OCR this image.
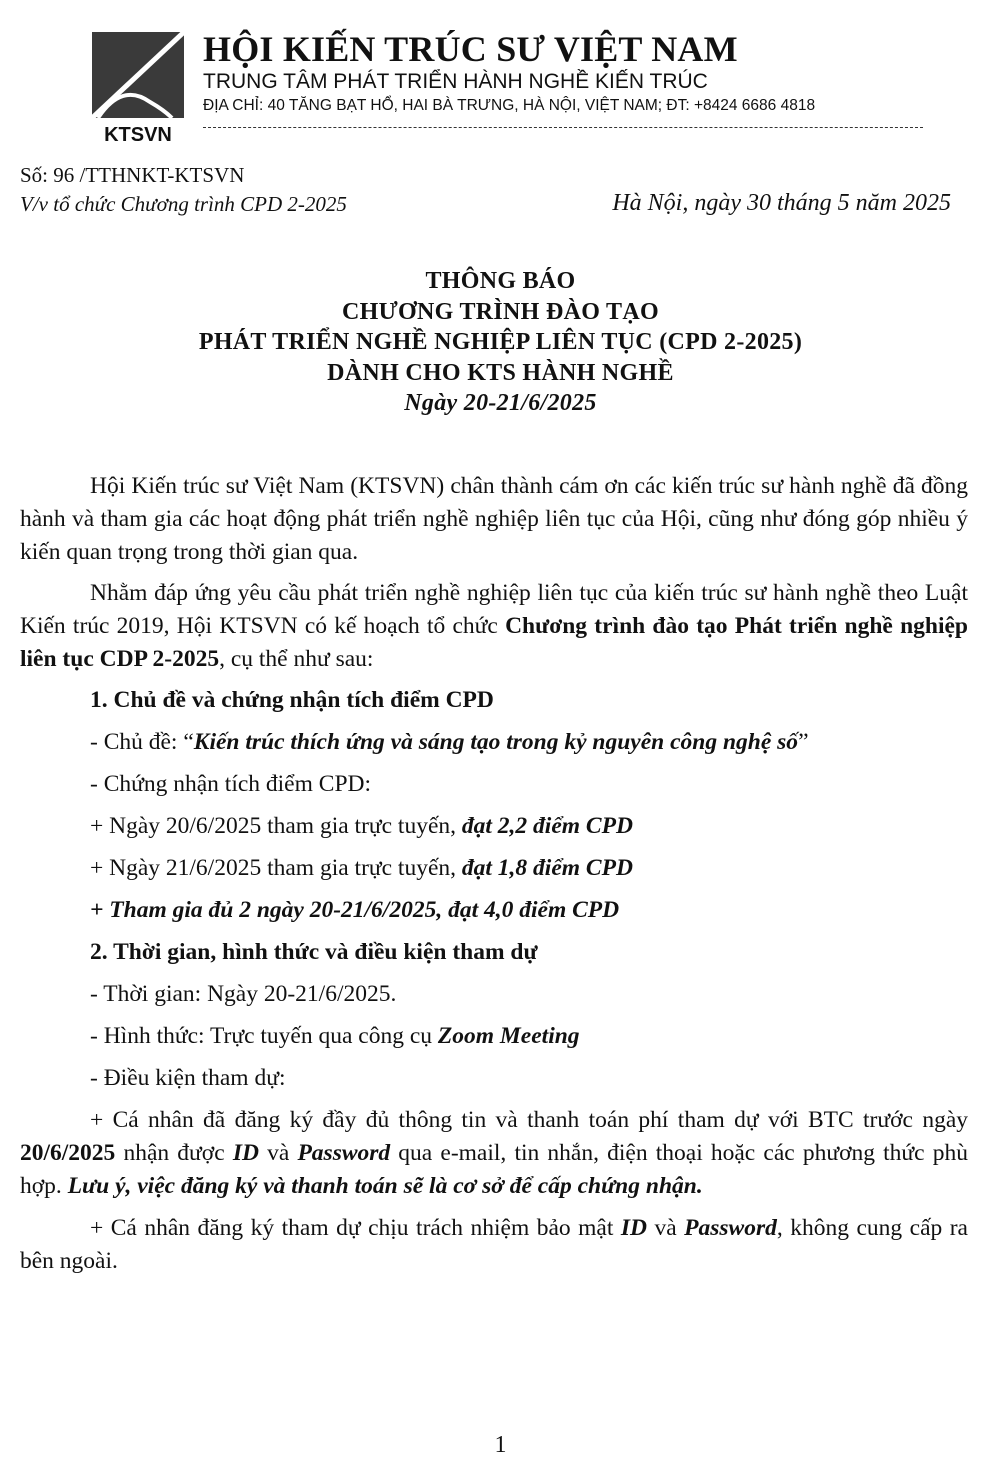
KTSVN
HỘI KIẾN TRÚC SƯ VIỆT NAM
TRUNG TÂM PHÁT TRIỂN HÀNH NGHỀ KIẾN TRÚC
ĐỊA CHỈ: 40 TĂNG BẠT HỔ, HAI BÀ TRƯNG, HÀ NỘI, VIỆT NAM; ĐT: +8424 6686 4818
Số: 96 /TTHNKT-KTSVN
V/v tổ chức Chương trình CPD 2-2025	Hà Nội, ngày 30 tháng 5 năm 2025
THÔNG BÁO
CHƯƠNG TRÌNH ĐÀO TẠO
PHÁT TRIỂN NGHỀ NGHIỆP LIÊN TỤC (CPD 2-2025)
DÀNH CHO KTS HÀNH NGHỀ
Ngày 20-21/6/2025

Hội Kiến trúc sư Việt Nam (KTSVN) chân thành cám ơn các kiến trúc sư hành nghề đã đồng hành và tham gia các hoạt động phát triển nghề nghiệp liên tục của Hội, cũng như đóng góp nhiều ý kiến quan trọng trong thời gian qua.

Nhằm đáp ứng yêu cầu phát triển nghề nghiệp liên tục của kiến trúc sư hành nghề theo Luật Kiến trúc 2019, Hội KTSVN có kế hoạch tổ chức Chương trình đào tạo Phát triển nghề nghiệp liên tục CDP 2-2025, cụ thể như sau:

1. Chủ đề và chứng nhận tích điểm CPD

- Chủ đề: “Kiến trúc thích ứng và sáng tạo trong kỷ nguyên công nghệ số”

- Chứng nhận tích điểm CPD:

+ Ngày 20/6/2025 tham gia trực tuyến, đạt 2,2 điểm CPD

+ Ngày 21/6/2025 tham gia trực tuyến, đạt 1,8 điểm CPD

+ Tham gia đủ 2 ngày 20-21/6/2025, đạt 4,0 điểm CPD

2. Thời gian, hình thức và điều kiện tham dự

- Thời gian: Ngày 20-21/6/2025.

- Hình thức: Trực tuyến qua công cụ Zoom Meeting

- Điều kiện tham dự:

+ Cá nhân đã đăng ký đầy đủ thông tin và thanh toán phí tham dự với BTC trước ngày 20/6/2025 nhận được ID và Password qua e-mail, tin nhắn, điện thoại hoặc các phương thức phù hợp. Lưu ý, việc đăng ký và thanh toán sẽ là cơ sở để cấp chứng nhận.

+ Cá nhân đăng ký tham dự chịu trách nhiệm bảo mật ID và Password, không cung cấp ra bên ngoài.

1
